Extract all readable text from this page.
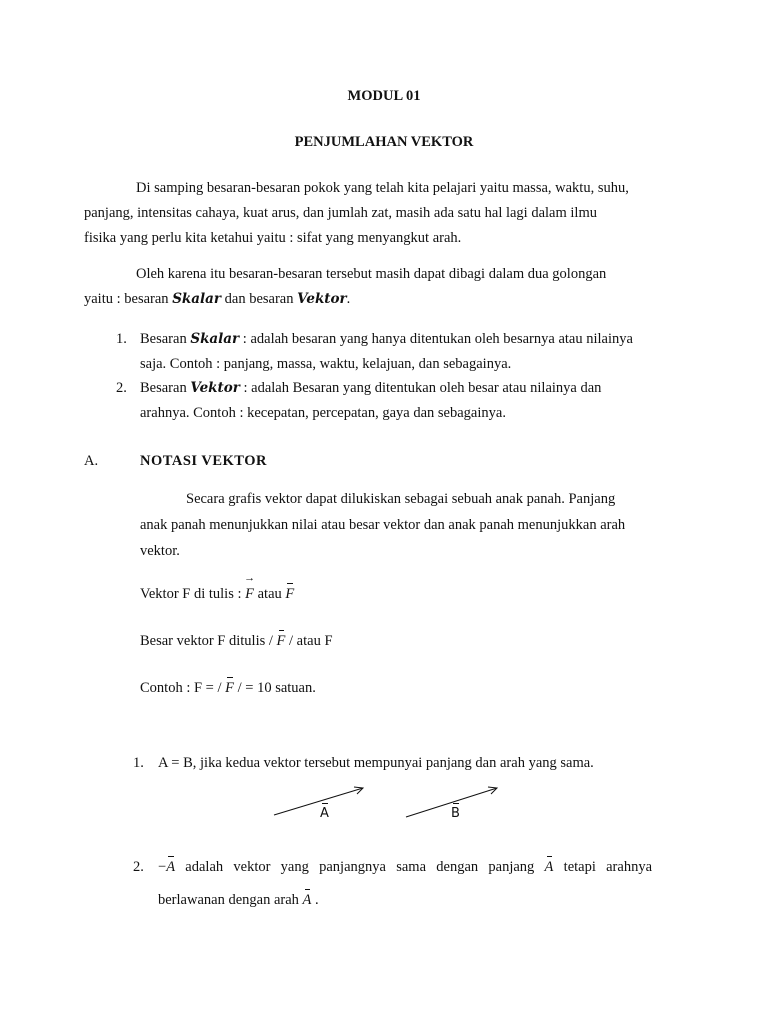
MODUL 01
PENJUMLAHAN VEKTOR
Di samping besaran-besaran pokok yang telah kita pelajari yaitu massa, waktu, suhu,
panjang, intensitas cahaya, kuat arus, dan jumlah zat, masih ada satu hal lagi dalam ilmu
fisika yang perlu kita ketahui yaitu : sifat yang menyangkut arah.
Oleh karena itu besaran-besaran tersebut masih dapat dibagi dalam dua golongan
yaitu : besaran Skalar dan besaran Vektor.
1. Besaran Skalar : adalah besaran yang hanya ditentukan oleh besarnya atau nilainya
saja. Contoh : panjang, massa, waktu, kelajuan, dan sebagainya.
2. Besaran Vektor : adalah Besaran yang ditentukan oleh besar atau nilainya dan
arahnya. Contoh : kecepatan, percepatan, gaya dan sebagainya.
A.	NOTASI VEKTOR
Secara grafis vektor dapat dilukiskan sebagai sebuah anak panah. Panjang
anak panah menunjukkan nilai atau besar vektor dan anak panah menunjukkan arah
vektor.
Vektor F di tulis :
→
F atau F
Besar vektor F ditulis / F / atau F
Contoh : F = / F / = 10 satuan.
1. A = B, jika kedua vektor tersebut mempunyai panjang dan arah yang sama.
A	B
2. −A adalah vektor yang panjangnya sama dengan panjang A tetapi arahnya
berlawanan dengan arah A .
